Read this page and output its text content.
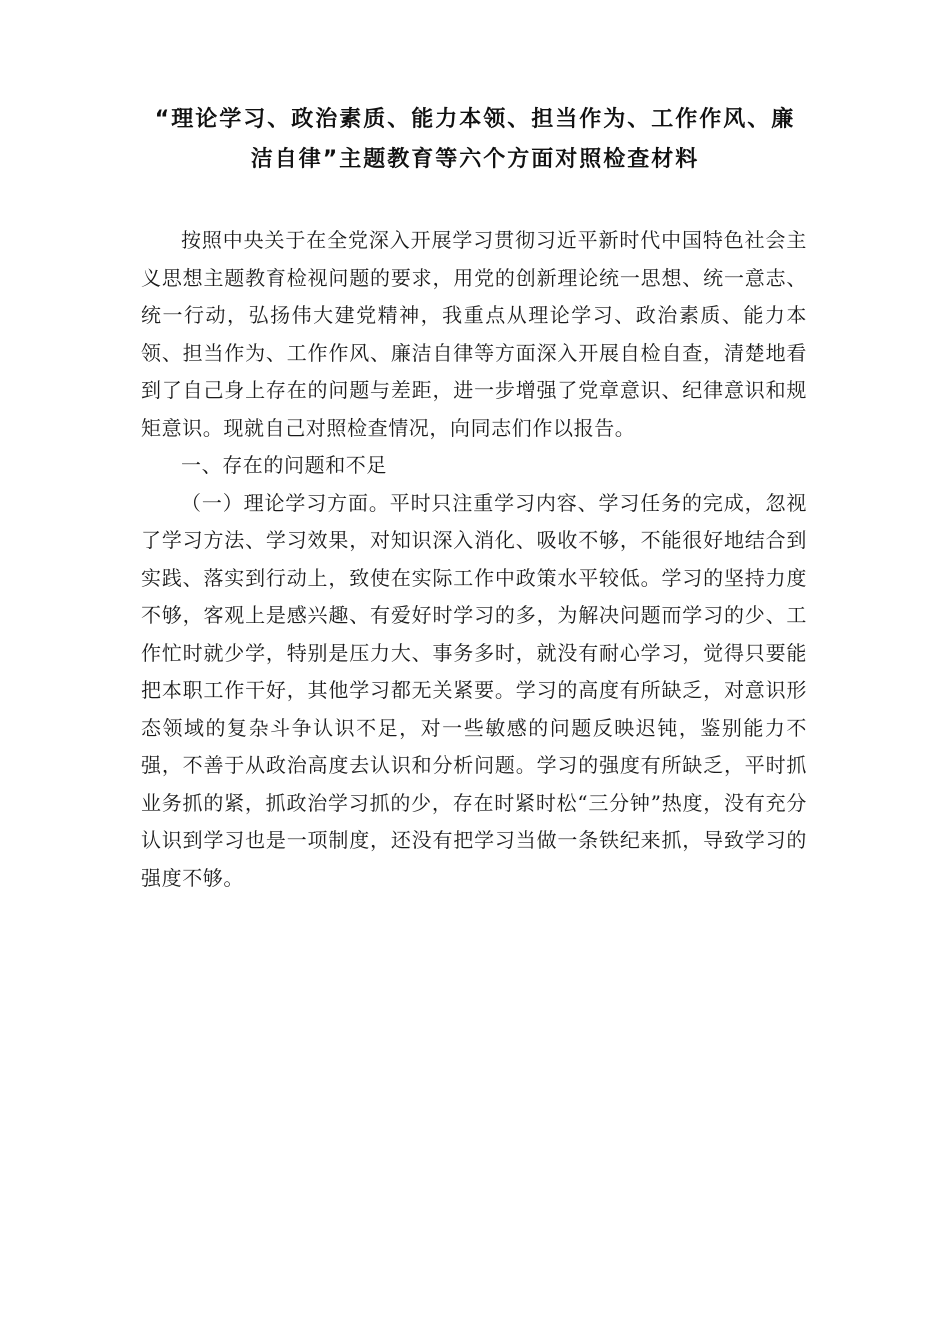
“理论学习、政治素质、能力本领、担当作为、工作作风、廉
洁自律”主题教育等六个方面对照检查材料

按照中央关于在全党深入开展学习贯彻习近平新时代中国特色社会主义思想主题教育检视问题的要求，用党的创新理论统一思想、统一意志、统一行动，弘扬伟大建党精神，我重点从理论学习、政治素质、能力本领、担当作为、工作作风、廉洁自律等方面深入开展自检自查，清楚地看到了自己身上存在的问题与差距，进一步增强了党章意识、纪律意识和规矩意识。现就自己对照检查情况，向同志们作以报告。

一、存在的问题和不足

（一）理论学习方面。平时只注重学习内容、学习任务的完成，忽视了学习方法、学习效果，对知识深入消化、吸收不够，不能很好地结合到实践、落实到行动上，致使在实际工作中政策水平较低。学习的坚持力度不够，客观上是感兴趣、有爱好时学习的多，为解决问题而学习的少、工作忙时就少学，特别是压力大、事务多时，就没有耐心学习，觉得只要能把本职工作干好，其他学习都无关紧要。学习的高度有所缺乏，对意识形态领域的复杂斗争认识不足，对一些敏感的问题反映迟钝，鉴别能力不强，不善于从政治高度去认识和分析问题。学习的强度有所缺乏，平时抓业务抓的紧，抓政治学习抓的少，存在时紧时松“三分钟”热度，没有充分认识到学习也是一项制度，还没有把学习当做一条铁纪来抓，导致学习的强度不够。
